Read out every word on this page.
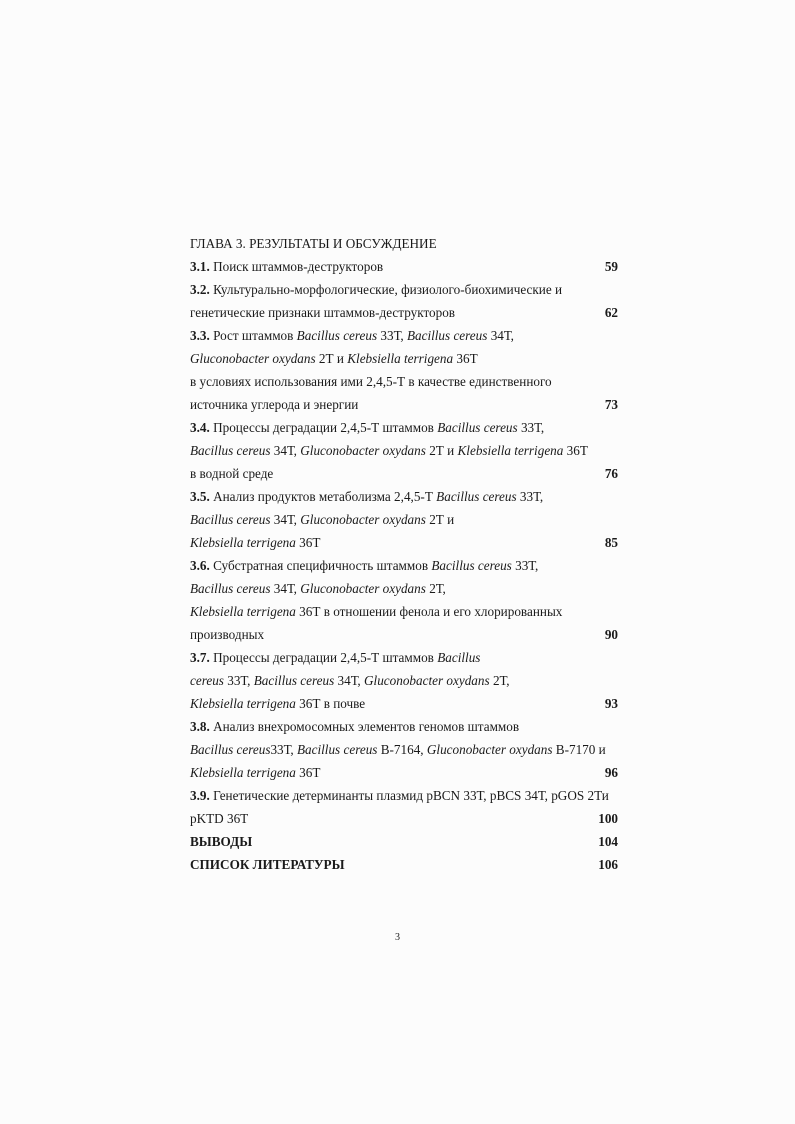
ГЛАВА 3. РЕЗУЛЬТАТЫ И ОБСУЖДЕНИЕ
3.1. Поиск штаммов-деструкторов	59
3.2. Культурально-морфологические, физиолого-биохимические и
генетические признаки штаммов-деструкторов	62
3.3. Рост штаммов Bacillus cereus 33Т, Bacillus cereus 34Т,
Gluconobacter oxydans 2Т и Klebsiella terrigena 36Т
в условиях использования ими 2,4,5-Т в качестве единственного
источника углерода и энергии	73
3.4. Процессы деградации 2,4,5-Т штаммов Bacillus cereus 33Т,
Bacillus cereus 34Т, Gluconobacter oxydans 2Т и Klebsiella terrigena 36Т
в водной среде	76
3.5. Анализ продуктов метаболизма 2,4,5-Т Bacillus cereus 33Т,
Bacillus cereus 34Т, Gluconobacter oxydans 2Т и
Klebsiella terrigena 36Т	85
3.6. Субстратная специфичность штаммов Bacillus cereus 33Т,
Bacillus cereus 34Т, Gluconobacter oxydans 2Т,
Klebsiella terrigena 36Т в отношении фенола и его хлорированных
производных	90
3.7. Процессы деградации 2,4,5-Т штаммов Bacillus
cereus 33Т, Bacillus cereus 34Т, Gluconobacter oxydans 2Т,
Klebsiella terrigena 36Т в почве	93
3.8. Анализ внехромосомных элементов геномов штаммов
Bacillus cereus33Т, Bacillus cereus В-7164, Gluconobacter oxydans В-7170 и
Klebsiella terrigena 36Т	96
3.9. Генетические детерминанты плазмид pBCN 33Т, pBCS 34Т, pGOS 2Ти
pKTD 36Т	100
ВЫВОДЫ	104
СПИСОК ЛИТЕРАТУРЫ	106
3
